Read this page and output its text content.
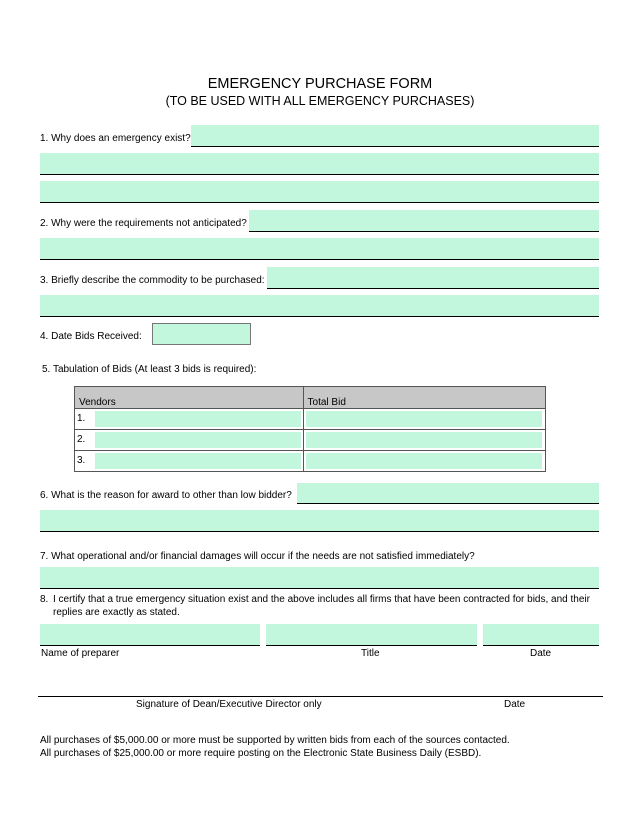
EMERGENCY PURCHASE FORM
(TO BE USED WITH ALL EMERGENCY PURCHASES)
1. Why does an emergency exist?
2. Why were the requirements not anticipated?
3. Briefly describe the commodity to be purchased:
4. Date Bids Received:
5. Tabulation of Bids (At least 3 bids is required):
Vendors	Total Bid

1.	

2.	

3.	

6. What is the reason for award to other than low bidder?
7. What operational and/or financial damages will occur if the needs are not satisfied immediately?
8. I certify that a true emergency situation exist and the above includes all firms that have been contracted for bids, and their
replies are exactly as stated.
Name of preparer	Title	Date
Signature of Dean/Executive Director only	Date
All purchases of $5,000.00 or more must be supported by written bids from each of the sources contacted.
All purchases of $25,000.00 or more require posting on the Electronic State Business Daily (ESBD).
